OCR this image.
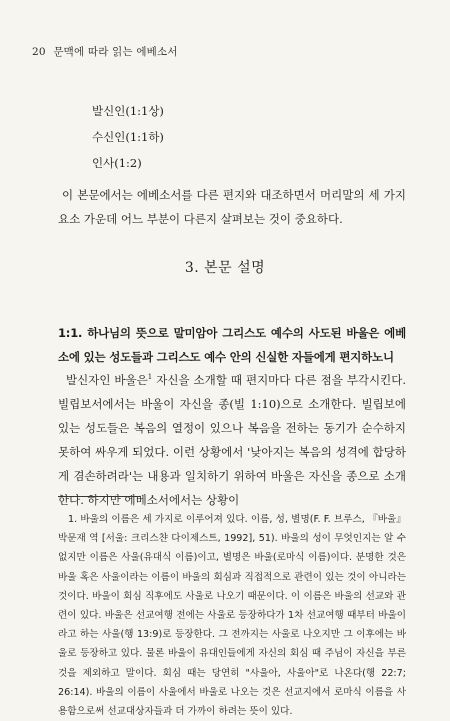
20 문맥에 따라 읽는 에베소서
발신인(1:1상)
수신인(1:1하)
인사(1:2)

이 본문에서는 에베소서를 다른 편지와 대조하면서 머리말의 세 가지 요소 가운데 어느 부분이 다른지 살펴보는 것이 중요하다.

3. 본문 설명

1:1. 하나님의 뜻으로 말미암아 그리스도 예수의 사도된 바울은 에베소에 있는 성도들과 그리스도 예수 안의 신실한 자들에게 편지하노니

발신자인 바울은$^1$ 자신을 소개할 때 편지마다 다른 점을 부각시킨다. 빌립보서에서는 바울이 자신을 종(빌 1:10)으로 소개한다. 빌립보에 있는 성도들은 복음의 열정이 있으나 복음을 전하는 동기가 순수하지 못하여 싸우게 되었다. 이런 상황에서 '낮아지는 복음의 성격에 합당하게 겸손하려라'는 내용과 일치하기 위하여 바울은 자신을 종으로 소개한다. 하지만 에베소서에서는 상황이

1. 바울의 이름은 세 가지로 이루어져 있다. 이름, 성, 별명(F. F. 브루스, 『바울』 박문재 역 [서울: 크리스챤 다이제스트, 1992], 51). 바울의 성이 무엇인지는 알 수 없지만 이름은 사울(유대식 이름)이고, 별명은 바울(로마식 이름)이다. 분명한 것은 바울 혹은 사울이라는 이름이 바울의 회심과 직접적으로 관련이 있는 것이 아니라는 것이다. 바울이 회심 직후에도 사울로 나오기 때문이다. 이 이름은 바울의 선교와 관련이 있다. 바울은 선교여행 전에는 사울로 등장하다가 1차 선교여행 때부터 바울이라고 하는 사울(행 13:9)로 등장한다. 그 전까지는 사울로 나오지만 그 이후에는 바울로 등장하고 있다. 물론 바울이 유대인들에게 자신의 회심 때 주님이 자신을 부른 것을 제외하고 말이다. 회심 때는 당연히 "사울아, 사울아"로 나온다(행 22:7; 26:14). 바울의 이름이 사울에서 바울로 나오는 것은 선교지에서 로마식 이름을 사용함으로써 선교대상자들과 더 가까이 하려는 뜻이 있다.
